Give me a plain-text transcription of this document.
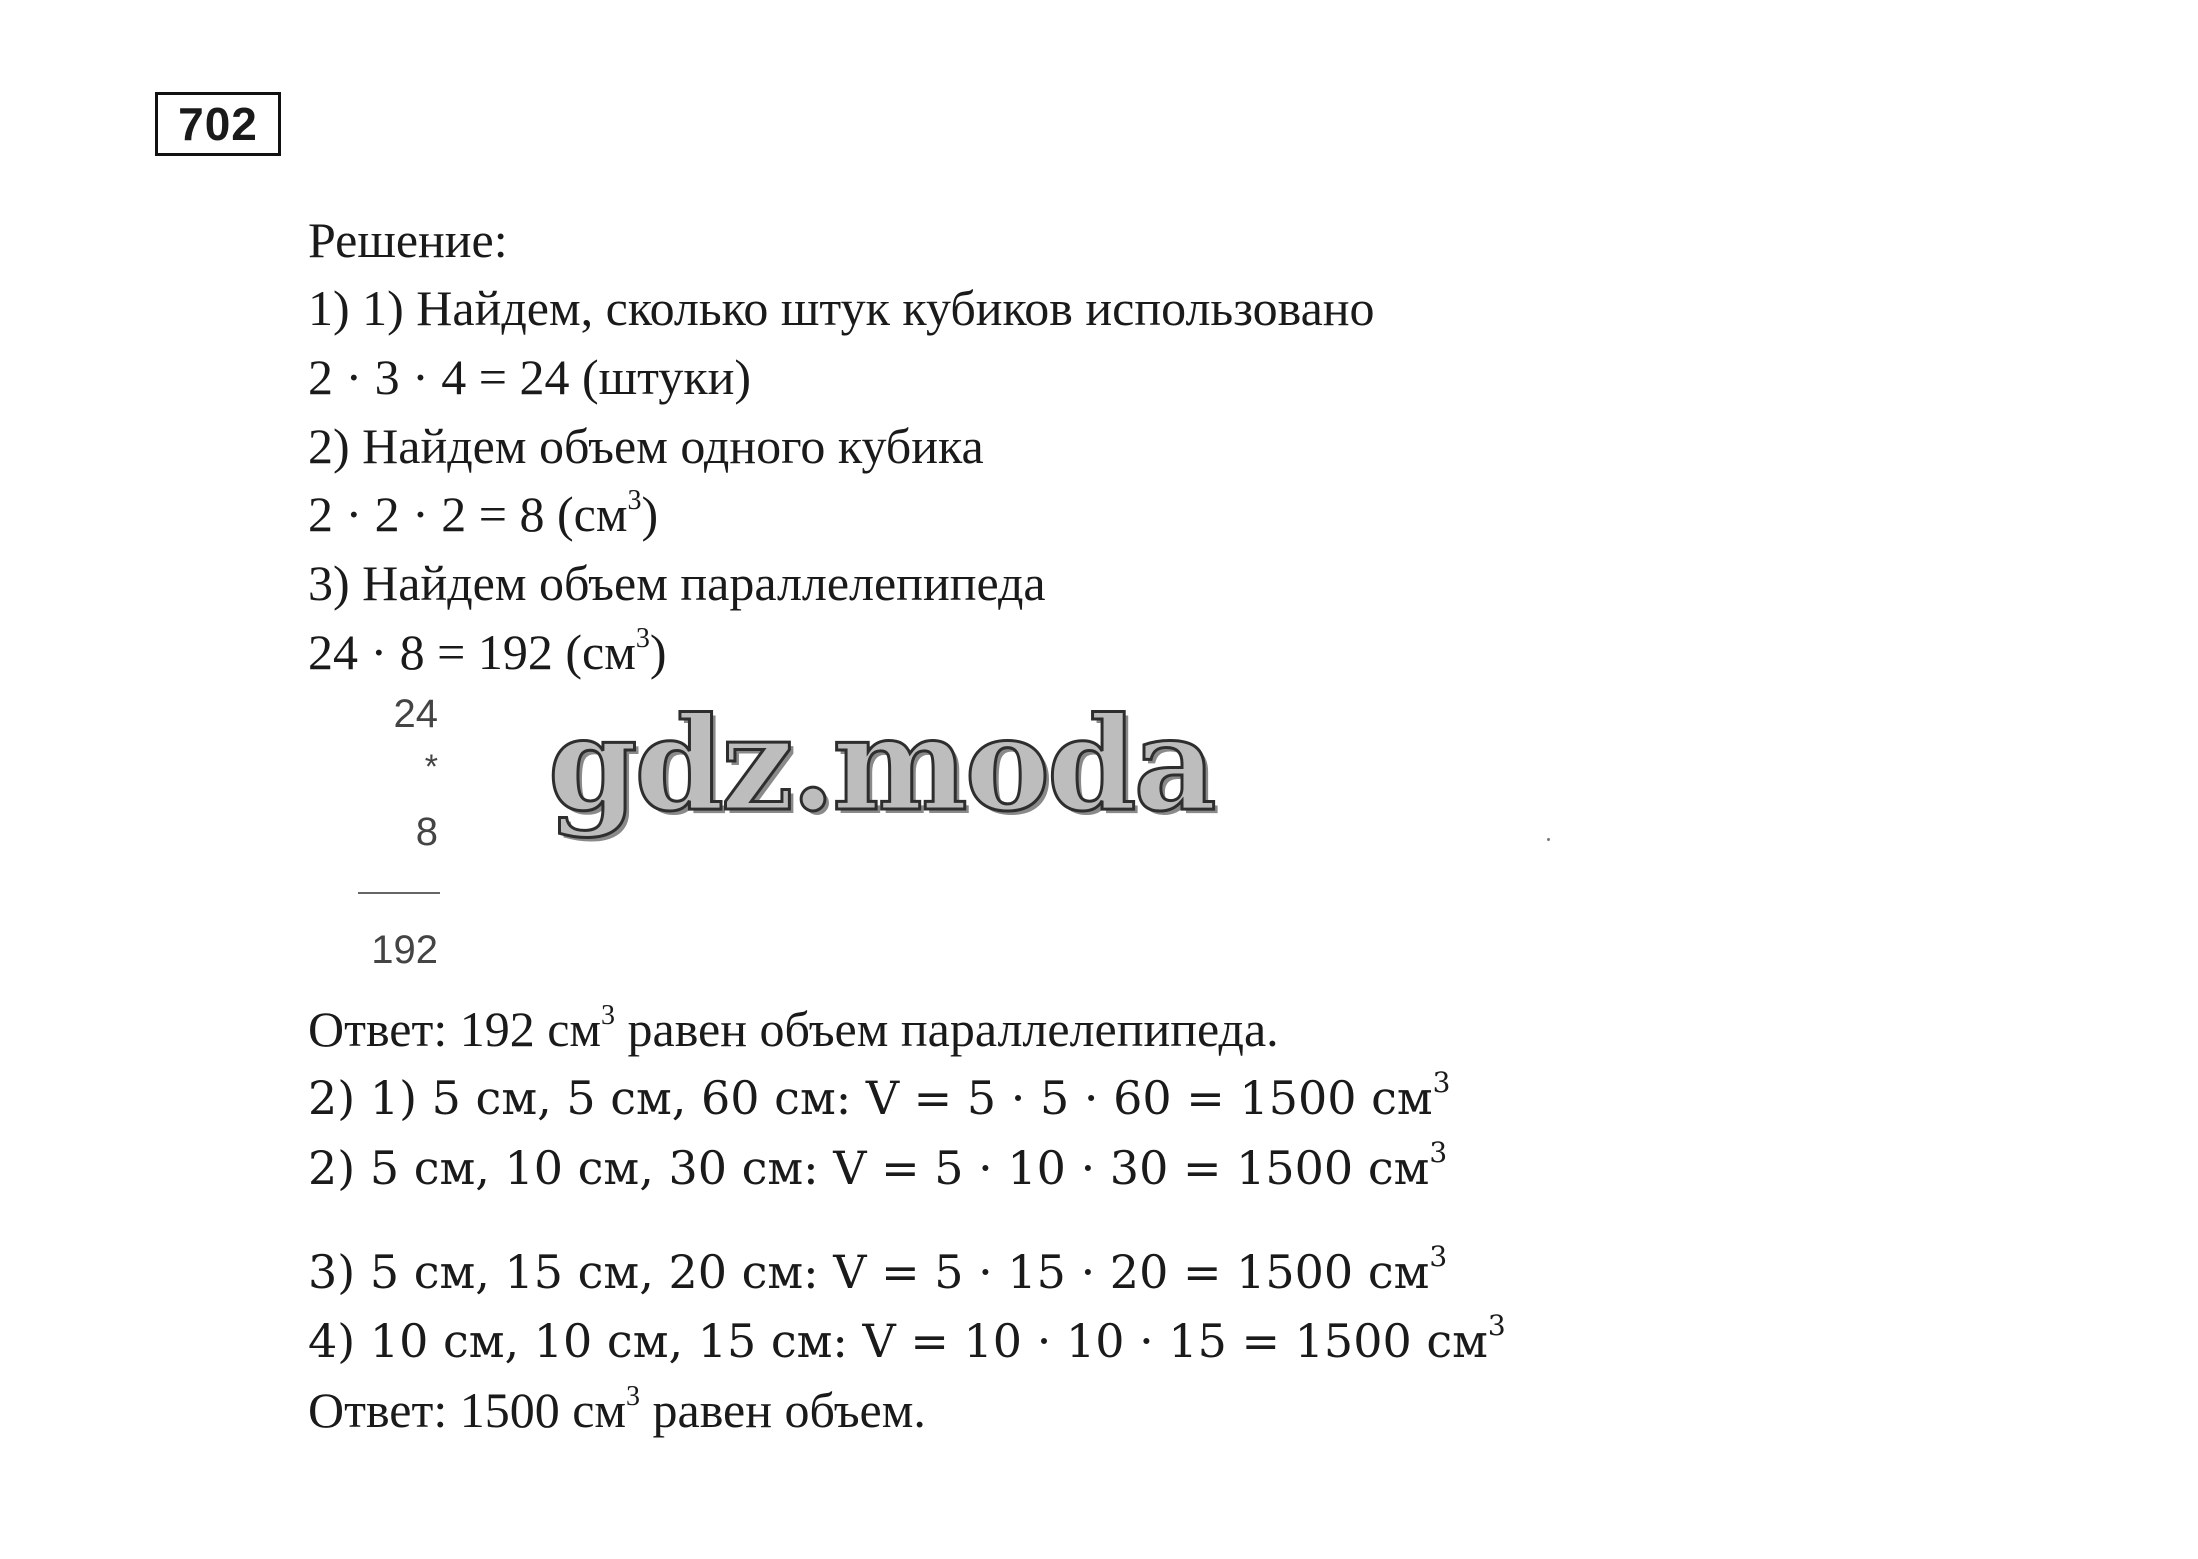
702
Решение:
1) 1) Найдем, сколько штук кубиков использовано
2 · 3 · 4 = 24 (штуки)
2) Найдем объем одного кубика
2 · 2 · 2 = 8 $(см^3)$
3) Найдем объем параллелепипеда
24 · 8 = 192 $(см^3)$
24
*
8
192
gdz.moda
Ответ: 192 $см^3$ равен объем параллелепипеда.
2) 1) 5 см, 5 см, 60 см: V = 5 · 5 · 60 = 1500 $см^3$
2) 5 см, 10 см, 30 см: V = 5 · 10 · 30 = 1500 $см^3$
3) 5 см, 15 см, 20 см: V = 5 · 15 · 20 = 1500 $см^3$
4) 10 см, 10 см, 15 см: V = 10 · 10 · 15 = 1500 $см^3$
Ответ: 1500 $см^3$ равен объем.
